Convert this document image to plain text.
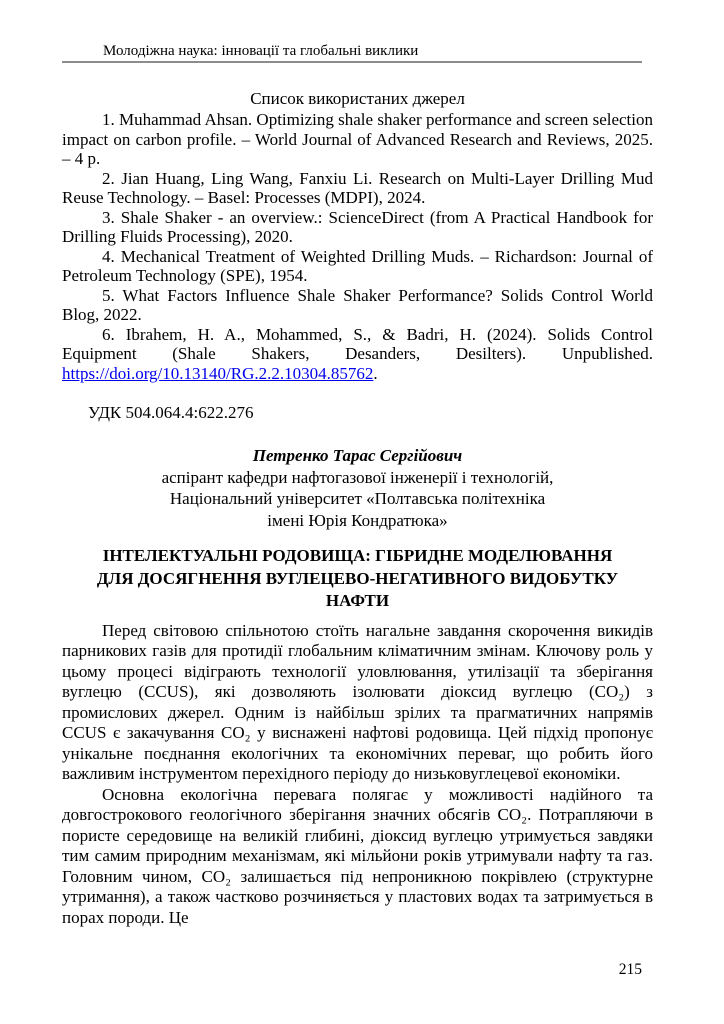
Молодіжна наука: інновації та глобальні виклики
Список використаних джерел

1. Muhammad Ahsan. Optimizing shale shaker performance and screen selection impact on carbon profile. – World Journal of Advanced Research and Reviews, 2025. – 4 p.

2. Jian Huang, Ling Wang, Fanxiu Li. Research on Multi-Layer Drilling Mud Reuse Technology. – Basel: Processes (MDPI), 2024.

3. Shale Shaker - an overview.: ScienceDirect (from A Practical Handbook for Drilling Fluids Processing), 2020.

4. Mechanical Treatment of Weighted Drilling Muds. – Richardson: Journal of Petroleum Technology (SPE), 1954.

5. What Factors Influence Shale Shaker Performance? Solids Control World Blog, 2022.

6. Ibrahem, H. A., Mohammed, S., & Badri, H. (2024). Solids Control Equipment (Shale Shakers, Desanders, Desilters). Unpublished. https://doi.org/10.13140/RG.2.2.10304.85762.

УДК 504.064.4:622.276

Петренко Тарас Сергійович
аспірант кафедри нафтогазової інженерії і технологій,
Національний університет «Полтавська політехніка
імені Юрія Кондратюка»
ІНТЕЛЕКТУАЛЬНІ РОДОВИЩА: ГІБРИДНЕ МОДЕЛЮВАННЯ
ДЛЯ ДОСЯГНЕННЯ ВУГЛЕЦЕВО-НЕГАТИВНОГО ВИДОБУТКУ
НАФТИ

Перед світовою спільнотою стоїть нагальне завдання скорочення викидів парникових газів для протидії глобальним кліматичним змінам. Ключову роль у цьому процесі відіграють технології уловлювання, утилізації та зберігання вуглецю (CCUS), які дозволяють ізолювати діоксид вуглецю (CO₂) з промислових джерел. Одним із найбільш зрілих та прагматичних напрямів CCUS є закачування CO₂ у виснажені нафтові родовища. Цей підхід пропонує унікальне поєднання екологічних та економічних переваг, що робить його важливим інструментом перехідного періоду до низьковуглецевої економіки.

Основна екологічна перевага полягає у можливості надійного та довгострокового геологічного зберігання значних обсягів CO₂. Потрапляючи в пористе середовище на великій глибині, діоксид вуглецю утримується завдяки тим самим природним механізмам, які мільйони років утримували нафту та газ. Головним чином, CO₂ залишається під непроникною покрівлею (структурне утримання), а також частково розчиняється у пластових водах та затримується в порах породи. Це

215
